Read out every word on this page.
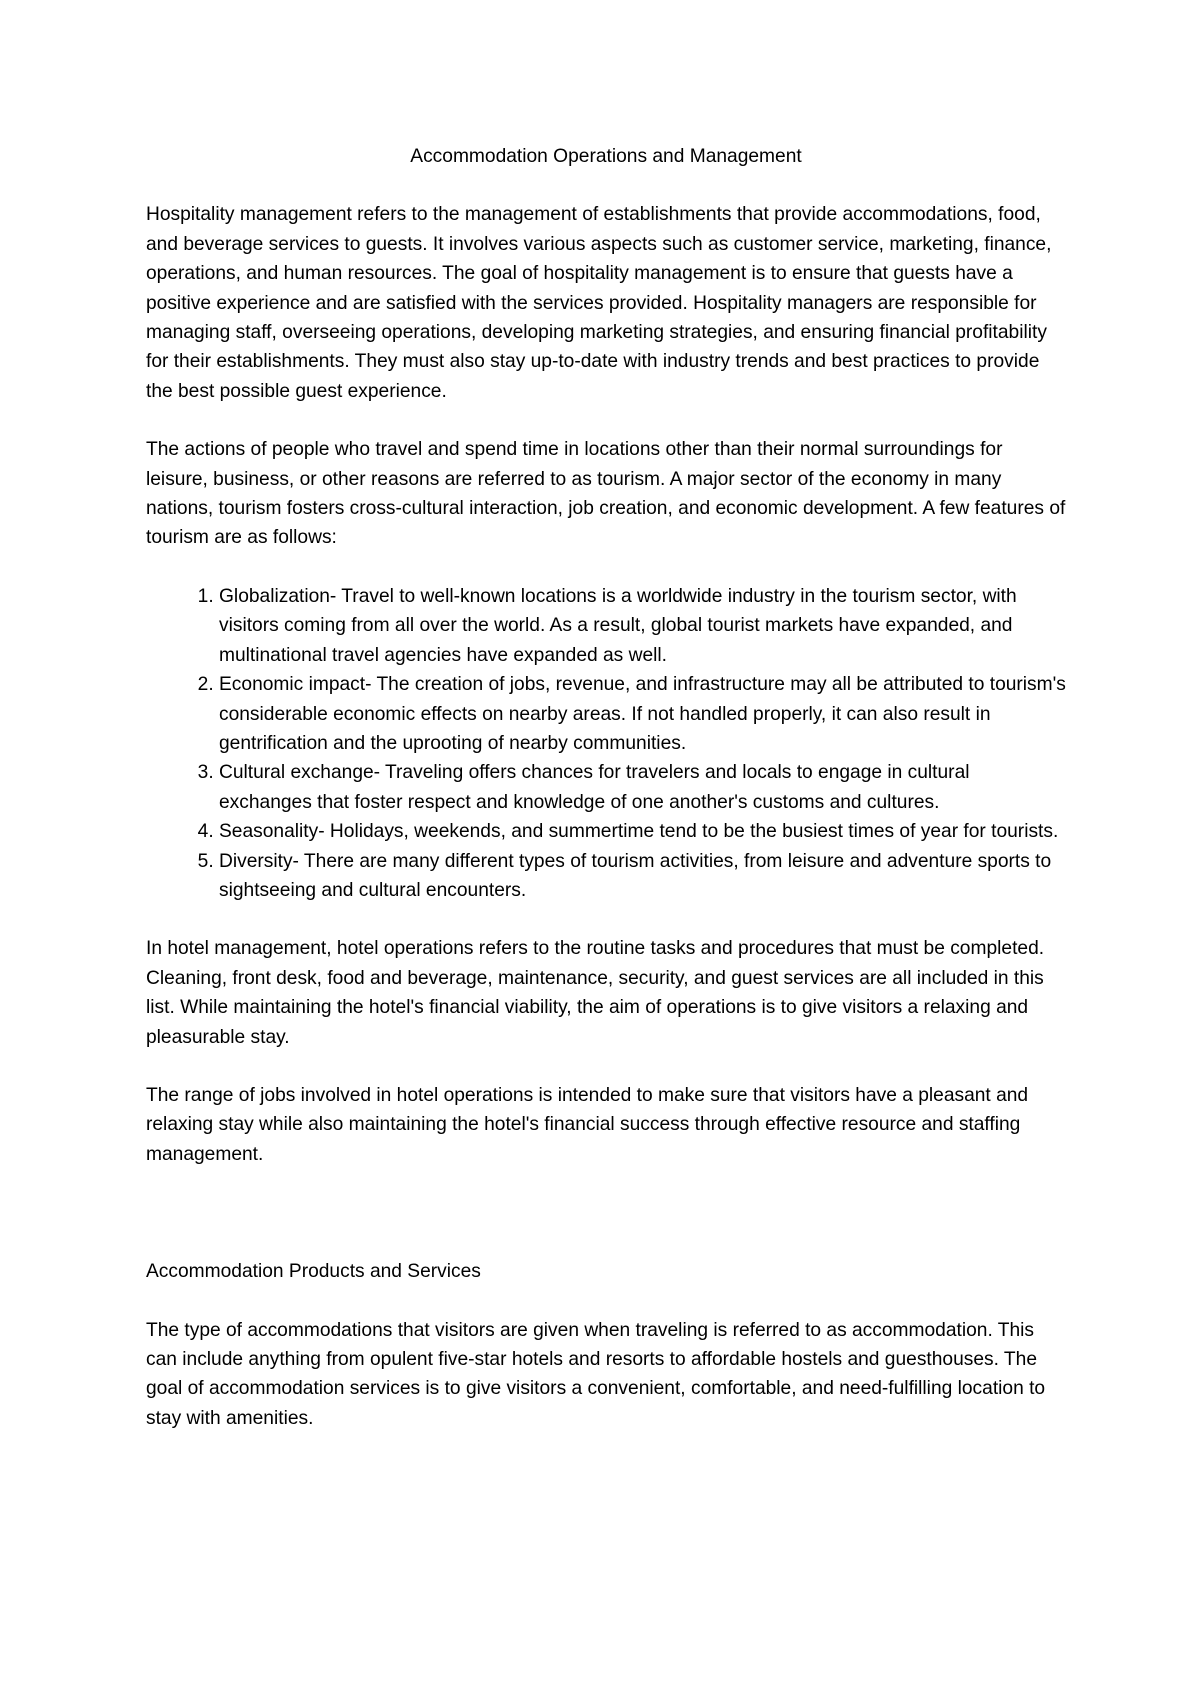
Accommodation Operations and Management

Hospitality management refers to the management of establishments that provide accommodations, food, and beverage services to guests. It involves various aspects such as customer service, marketing, finance, operations, and human resources. The goal of hospitality management is to ensure that guests have a positive experience and are satisfied with the services provided. Hospitality managers are responsible for managing staff, overseeing operations, developing marketing strategies, and ensuring financial profitability for their establishments. They must also stay up-to-date with industry trends and best practices to provide the best possible guest experience.

The actions of people who travel and spend time in locations other than their normal surroundings for leisure, business, or other reasons are referred to as tourism. A major sector of the economy in many nations, tourism fosters cross-cultural interaction, job creation, and economic development. A few features of tourism are as follows:

1. Globalization- Travel to well-known locations is a worldwide industry in the tourism sector, with visitors coming from all over the world. As a result, global tourist markets have expanded, and multinational travel agencies have expanded as well.
2. Economic impact- The creation of jobs, revenue, and infrastructure may all be attributed to tourism's considerable economic effects on nearby areas. If not handled properly, it can also result in gentrification and the uprooting of nearby communities.
3. Cultural exchange- Traveling offers chances for travelers and locals to engage in cultural exchanges that foster respect and knowledge of one another's customs and cultures.
4. Seasonality- Holidays, weekends, and summertime tend to be the busiest times of year for tourists.
5. Diversity- There are many different types of tourism activities, from leisure and adventure sports to sightseeing and cultural encounters.

In hotel management, hotel operations refers to the routine tasks and procedures that must be completed. Cleaning, front desk, food and beverage, maintenance, security, and guest services are all included in this list. While maintaining the hotel's financial viability, the aim of operations is to give visitors a relaxing and pleasurable stay.

The range of jobs involved in hotel operations is intended to make sure that visitors have a pleasant and relaxing stay while also maintaining the hotel's financial success through effective resource and staffing management.

Accommodation Products and Services

The type of accommodations that visitors are given when traveling is referred to as accommodation. This can include anything from opulent five-star hotels and resorts to affordable hostels and guesthouses. The goal of accommodation services is to give visitors a convenient, comfortable, and need-fulfilling location to stay with amenities.
